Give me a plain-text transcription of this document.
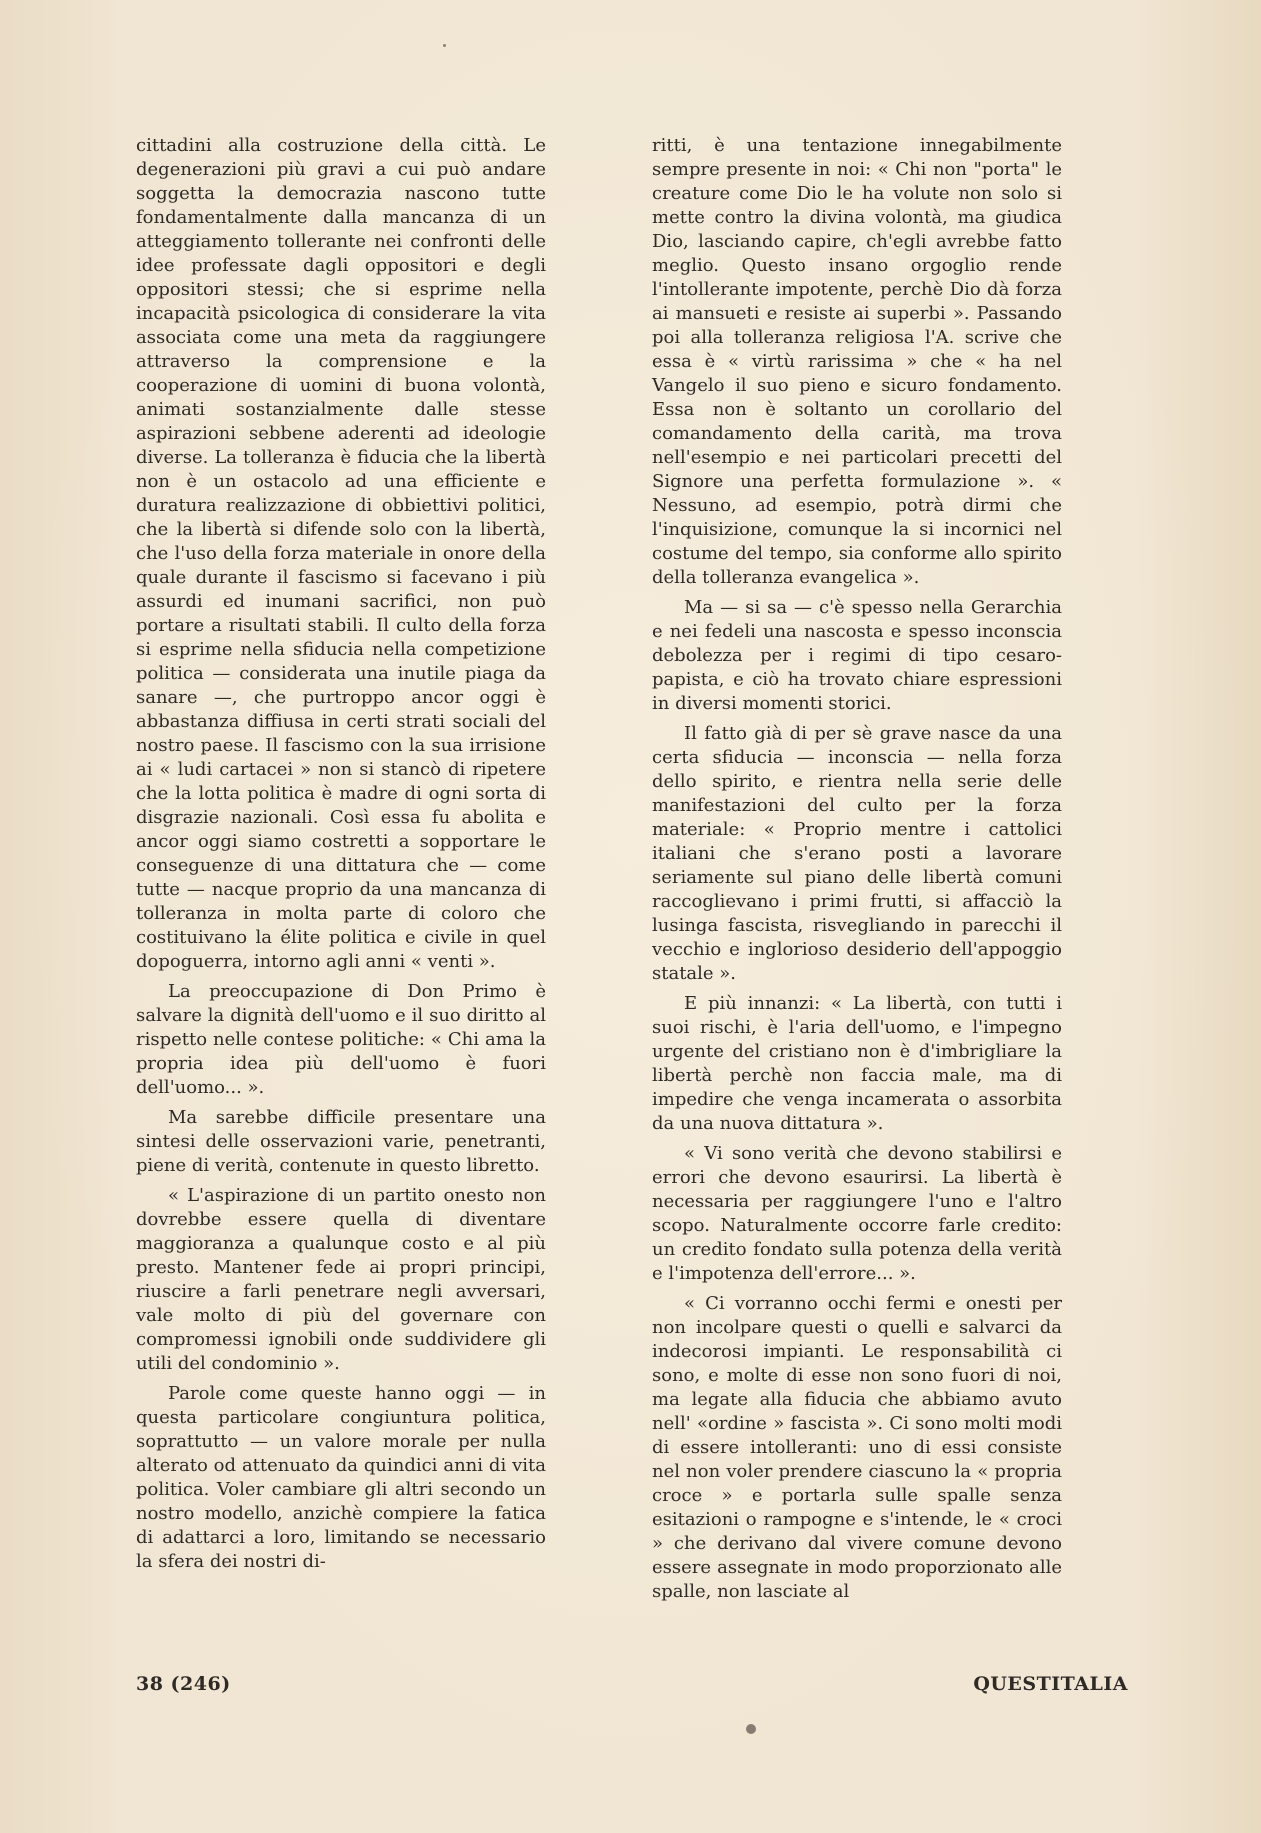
cittadini alla costruzione della città. Le degenerazioni più gravi a cui può andare soggetta la democrazia nascono tutte fondamentalmente dalla mancanza di un atteggiamento tollerante nei confronti delle idee professate dagli oppositori e degli oppositori stessi; che si esprime nella incapacità psicologica di considerare la vita associata come una meta da raggiungere attraverso la comprensione e la cooperazione di uomini di buona volontà, animati sostanzialmente dalle stesse aspirazioni sebbene aderenti ad ideologie diverse. La tolleranza è fiducia che la libertà non è un ostacolo ad una efficiente e duratura realizzazione di obbiettivi politici, che la libertà si difende solo con la libertà, che l'uso della forza materiale in onore della quale durante il fascismo si facevano i più assurdi ed inumani sacrifici, non può portare a risultati stabili. Il culto della forza si esprime nella sfiducia nella competizione politica — considerata una inutile piaga da sanare —, che purtroppo ancor oggi è abbastanza diffiusa in certi strati sociali del nostro paese. Il fascismo con la sua irrisione ai « ludi cartacei » non si stancò di ripetere che la lotta politica è madre di ogni sorta di disgrazie nazionali. Così essa fu abolita e ancor oggi siamo costretti a sopportare le conseguenze di una dittatura che — come tutte — nacque proprio da una mancanza di tolleranza in molta parte di coloro che costituivano la élite politica e civile in quel dopoguerra, intorno agli anni « venti ».

La preoccupazione di Don Primo è salvare la dignità dell'uomo e il suo diritto al rispetto nelle contese politiche: « Chi ama la propria idea più dell'uomo è fuori dell'uomo... ».

Ma sarebbe difficile presentare una sintesi delle osservazioni varie, penetranti, piene di verità, contenute in questo libretto.

« L'aspirazione di un partito onesto non dovrebbe essere quella di diventare maggioranza a qualunque costo e al più presto. Mantener fede ai propri principi, riuscire a farli penetrare negli avversari, vale molto di più del governare con compromessi ignobili onde suddividere gli utili del condominio ».

Parole come queste hanno oggi — in questa particolare congiuntura politica, soprattutto — un valore morale per nulla alterato od attenuato da quindici anni di vita politica. Voler cambiare gli altri secondo un nostro modello, anzichè compiere la fatica di adattarci a loro, limitando se necessario la sfera dei nostri di-

ritti, è una tentazione innegabilmente sempre presente in noi: « Chi non "porta" le creature come Dio le ha volute non solo si mette contro la divina volontà, ma giudica Dio, lasciando capire, ch'egli avrebbe fatto meglio. Questo insano orgoglio rende l'intollerante impotente, perchè Dio dà forza ai mansueti e resiste ai superbi ». Passando poi alla tolleranza religiosa l'A. scrive che essa è « virtù rarissima » che « ha nel Vangelo il suo pieno e sicuro fondamento. Essa non è soltanto un corollario del comandamento della carità, ma trova nell'esempio e nei particolari precetti del Signore una perfetta formulazione ». « Nessuno, ad esempio, potrà dirmi che l'inquisizione, comunque la si incornici nel costume del tempo, sia conforme allo spirito della tolleranza evangelica ».

Ma — si sa — c'è spesso nella Gerarchia e nei fedeli una nascosta e spesso inconscia debolezza per i regimi di tipo cesaro-papista, e ciò ha trovato chiare espressioni in diversi momenti storici.

Il fatto già di per sè grave nasce da una certa sfiducia — inconscia — nella forza dello spirito, e rientra nella serie delle manifestazioni del culto per la forza materiale: « Proprio mentre i cattolici italiani che s'erano posti a lavorare seriamente sul piano delle libertà comuni raccoglievano i primi frutti, si affacciò la lusinga fascista, risvegliando in parecchi il vecchio e inglorioso desiderio dell'appoggio statale ».

E più innanzi: « La libertà, con tutti i suoi rischi, è l'aria dell'uomo, e l'impegno urgente del cristiano non è d'imbrigliare la libertà perchè non faccia male, ma di impedire che venga incamerata o assorbita da una nuova dittatura ».

« Vi sono verità che devono stabilirsi e errori che devono esaurirsi. La libertà è necessaria per raggiungere l'uno e l'altro scopo. Naturalmente occorre farle credito: un credito fondato sulla potenza della verità e l'impotenza dell'errore... ».

« Ci vorranno occhi fermi e onesti per non incolpare questi o quelli e salvarci da indecorosi impianti. Le responsabilità ci sono, e molte di esse non sono fuori di noi, ma legate alla fiducia che abbiamo avuto nell' «ordine » fascista ». Ci sono molti modi di essere intolleranti: uno di essi consiste nel non voler prendere ciascuno la « propria croce » e portarla sulle spalle senza esitazioni o rampogne e s'intende, le « croci » che derivano dal vivere comune devono essere assegnate in modo proporzionato alle spalle, non lasciate al

38 (246)	QUESTITALIA
